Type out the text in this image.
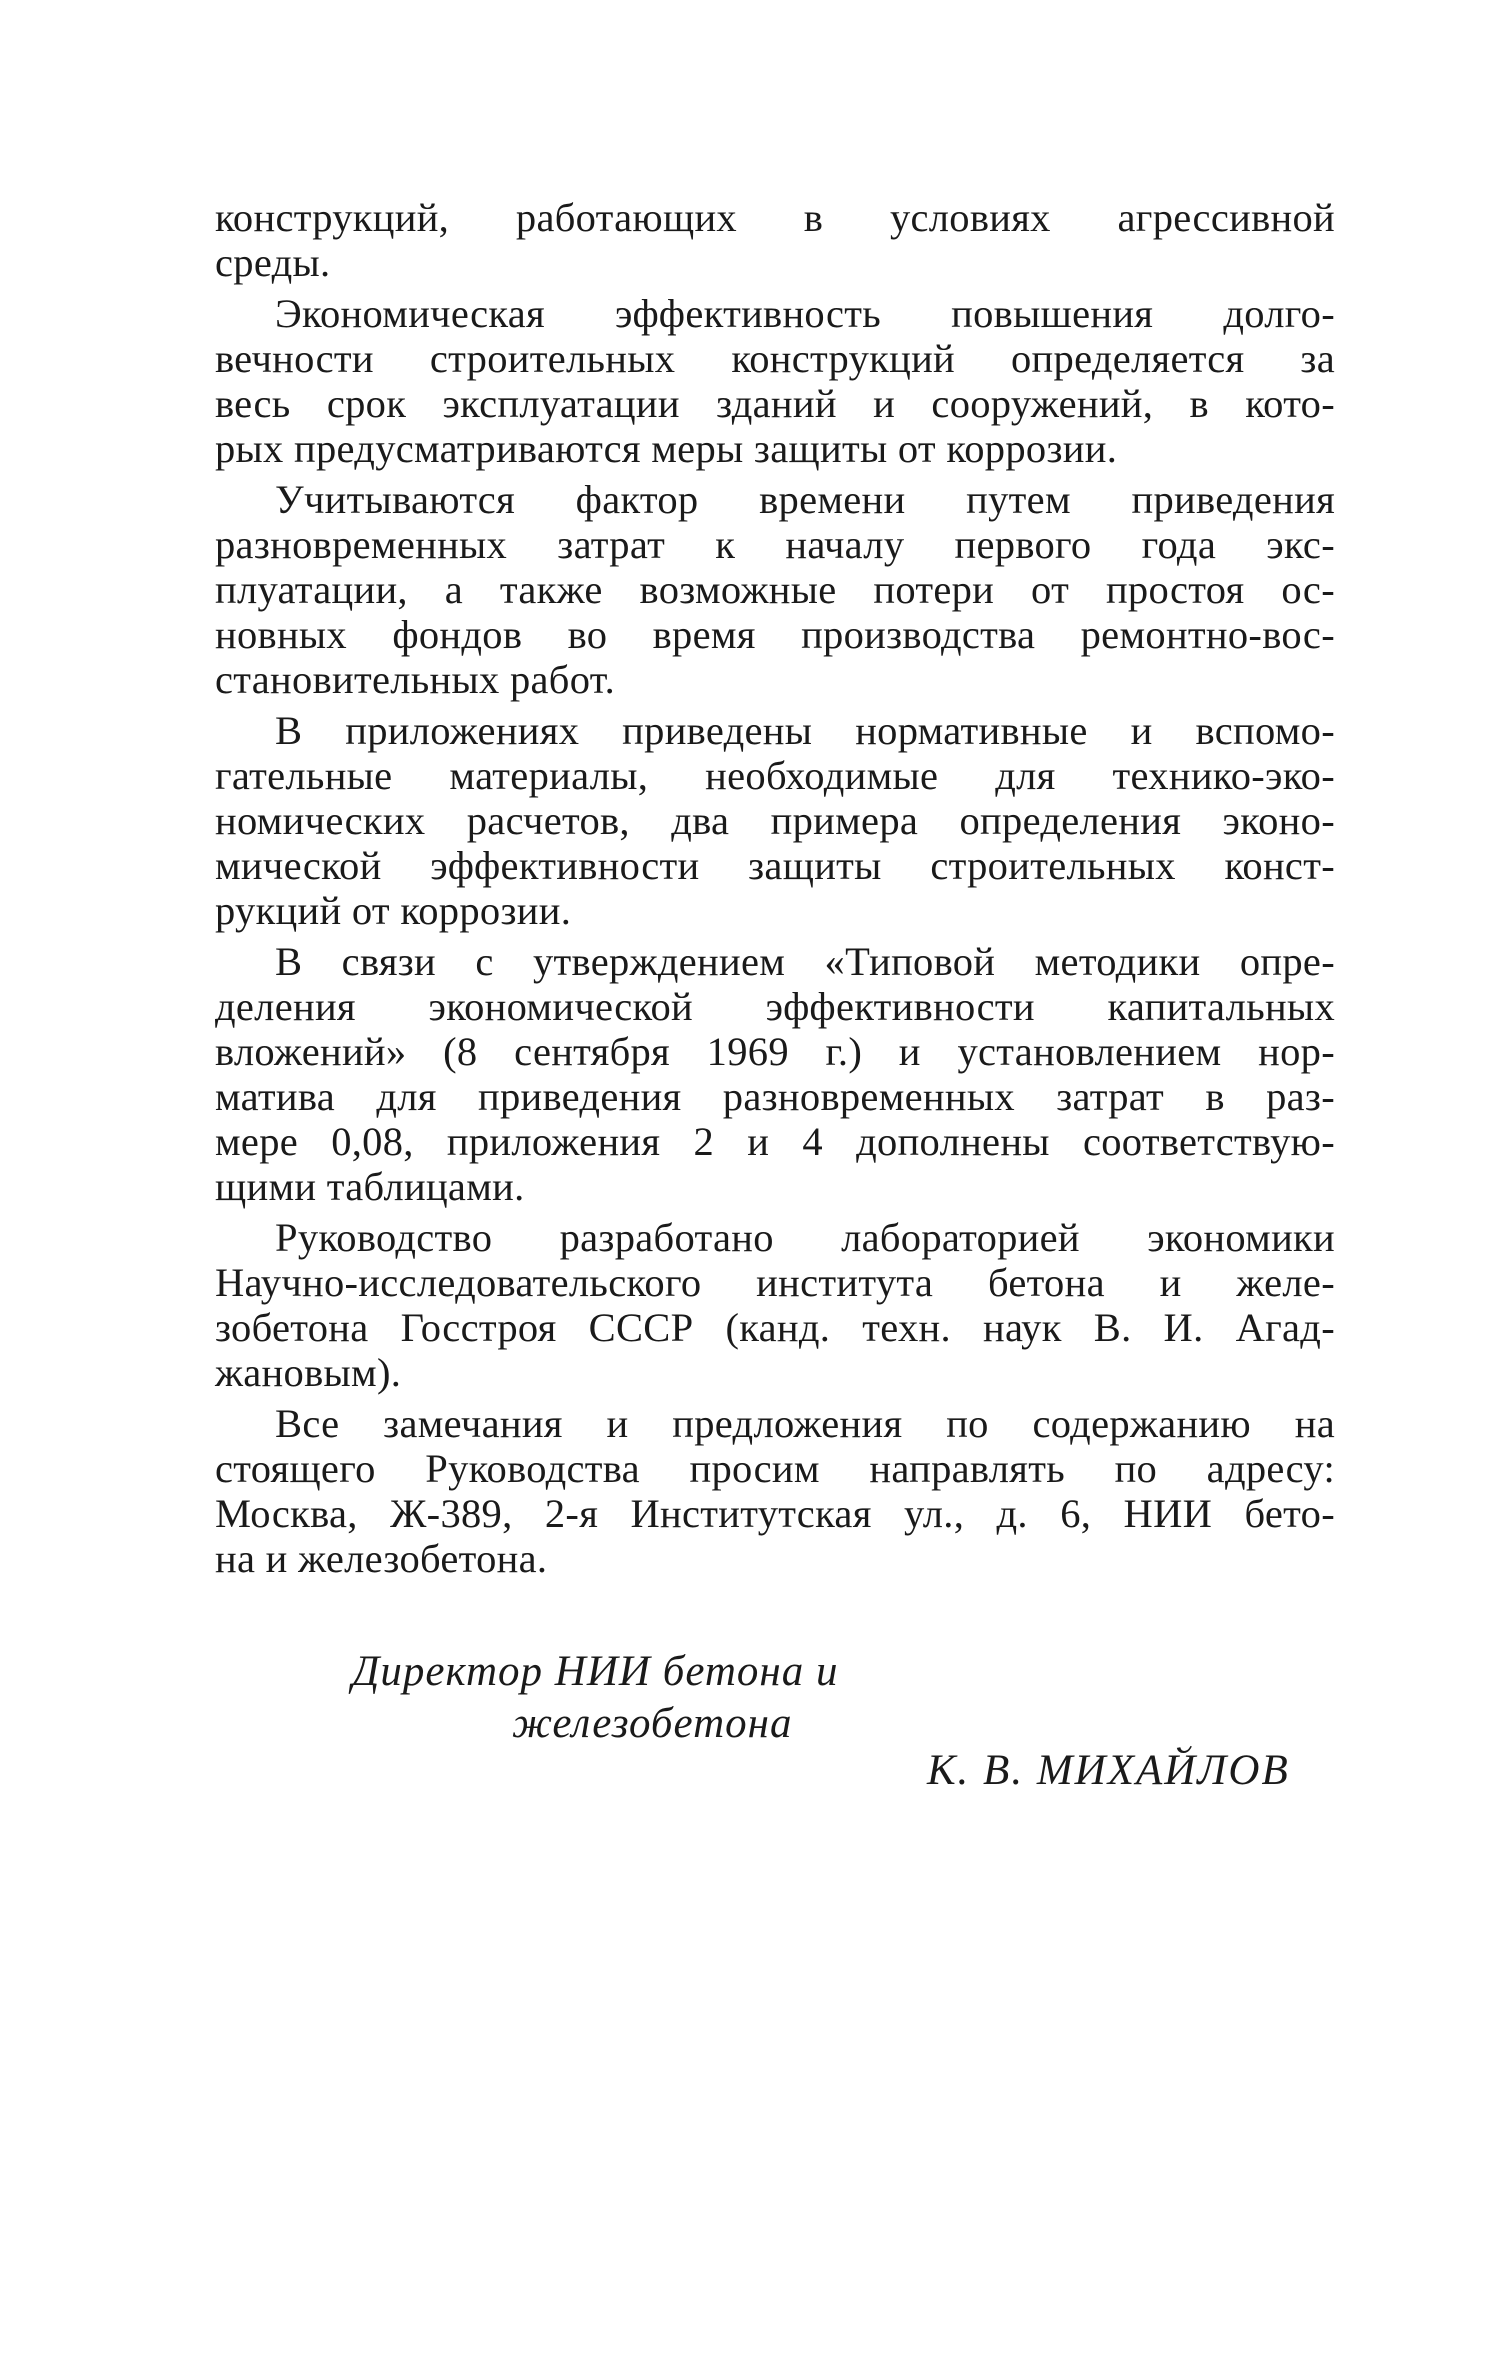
конструкций, работающих в условиях агрессивной
среды.
Экономическая эффективность повышения долго-
вечности строительных конструкций определяется за
весь срок эксплуатации зданий и сооружений, в кото-
рых предусматриваются меры защиты от коррозии.
Учитываются фактор времени путем приведения
разновременных затрат к началу первого года экс-
плуатации, а также возможные потери от простоя ос-
новных фондов во время производства ремонтно-вос-
становительных работ.
В приложениях приведены нормативные и вспомо-
гательные материалы, необходимые для технико-эко-
номических расчетов, два примера определения эконо-
мической эффективности защиты строительных конст-
рукций от коррозии.
В связи с утверждением «Типовой методики опре-
деления экономической эффективности капитальных
вложений» (8 сентября 1969 г.) и установлением нор-
матива для приведения разновременных затрат в раз-
мере 0,08, приложения 2 и 4 дополнены соответствую-
щими таблицами.
Руководство разработано лабораторией экономики
Научно-исследовательского института бетона и желе-
зобетона Госстроя СССР (канд. техн. наук В. И. Агад-
жановым).
Все замечания и предложения по содержанию на
стоящего Руководства просим направлять по адресу:
Москва, Ж-389, 2-я Институтская ул., д. 6, НИИ бето-
на и железобетона.
Директор НИИ бетона и
железобетона
К. В. МИХАЙЛОВ
